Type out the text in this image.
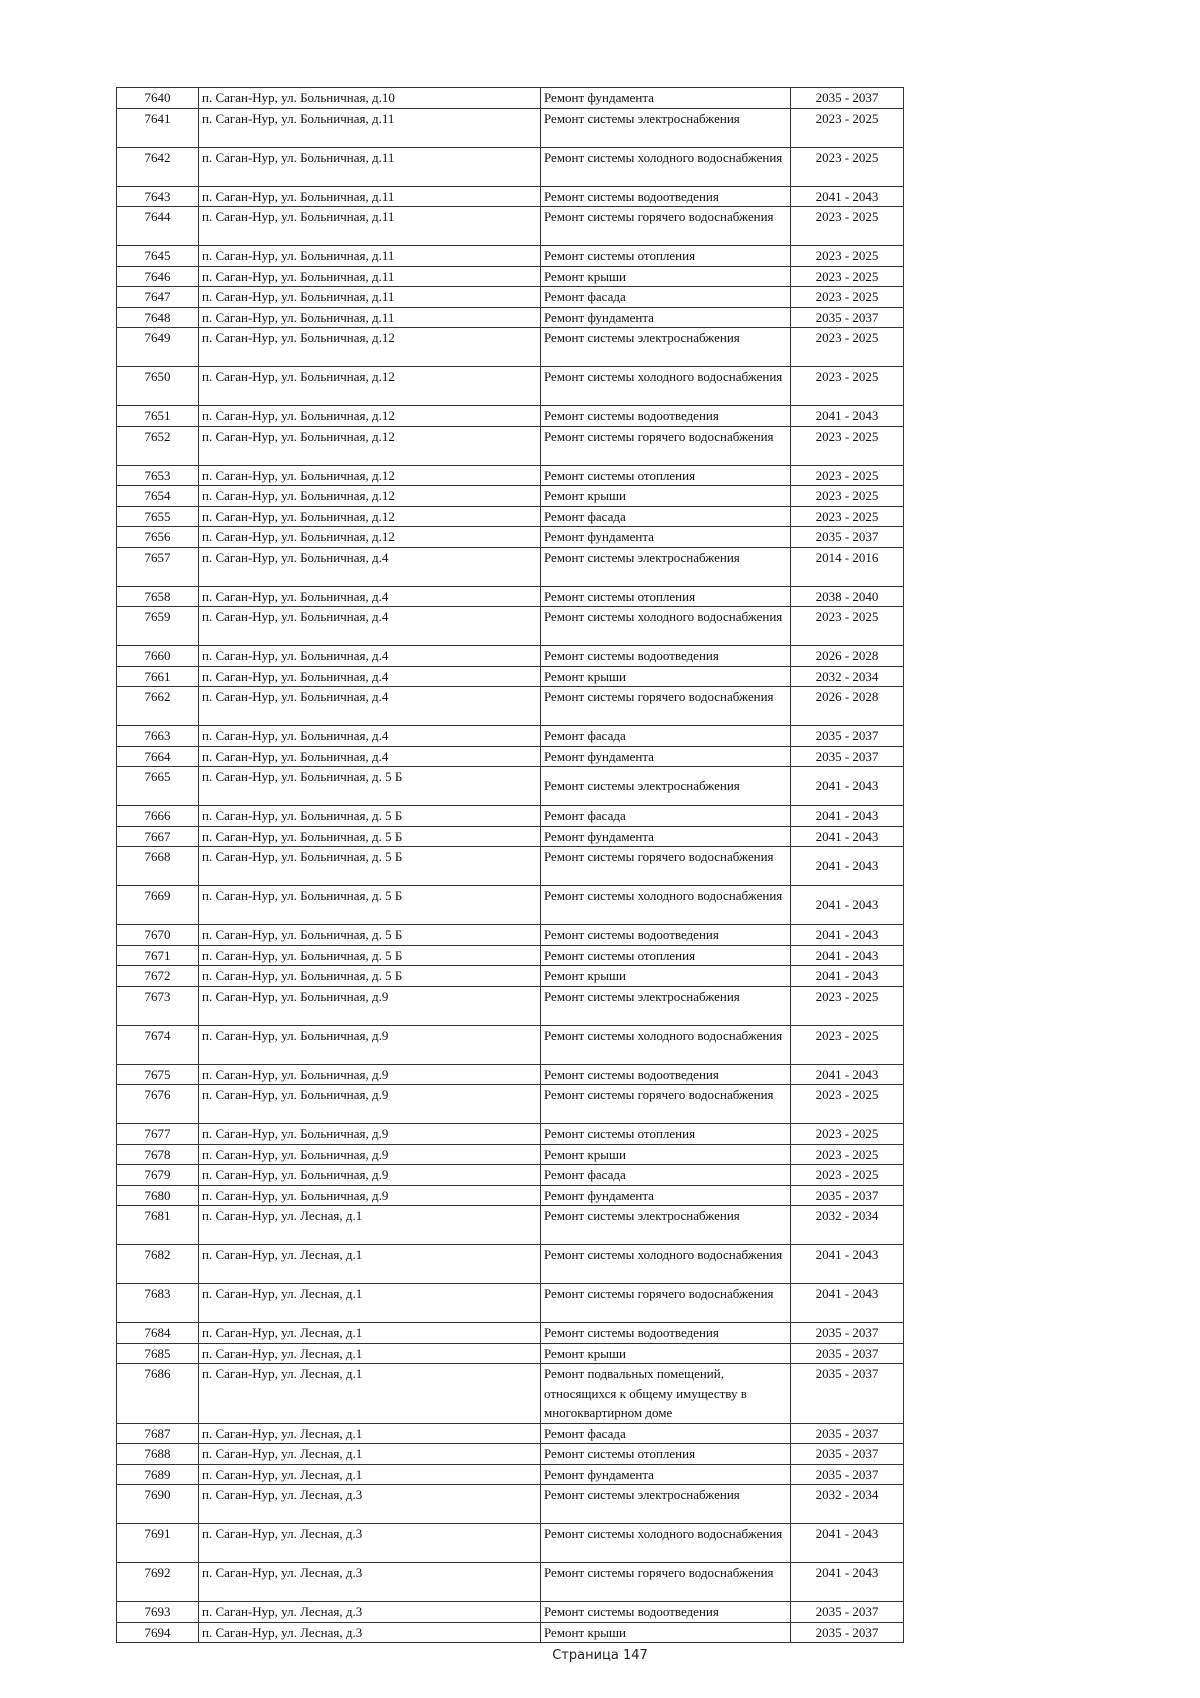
7640	п. Саган-Нур, ул. Больничная, д.10	Ремонт фундамента	2035 - 2037
7641	п. Саган-Нур, ул. Больничная, д.11	Ремонт системы электроснабжения	2023 - 2025
7642	п. Саган-Нур, ул. Больничная, д.11	Ремонт системы холодного водоснабжения	2023 - 2025
7643	п. Саган-Нур, ул. Больничная, д.11	Ремонт системы водоотведения	2041 - 2043
7644	п. Саган-Нур, ул. Больничная, д.11	Ремонт системы горячего водоснабжения	2023 - 2025
7645	п. Саган-Нур, ул. Больничная, д.11	Ремонт системы отопления	2023 - 2025
7646	п. Саган-Нур, ул. Больничная, д.11	Ремонт крыши	2023 - 2025
7647	п. Саган-Нур, ул. Больничная, д.11	Ремонт фасада	2023 - 2025
7648	п. Саган-Нур, ул. Больничная, д.11	Ремонт фундамента	2035 - 2037
7649	п. Саган-Нур, ул. Больничная, д.12	Ремонт системы электроснабжения	2023 - 2025
7650	п. Саган-Нур, ул. Больничная, д.12	Ремонт системы холодного водоснабжения	2023 - 2025
7651	п. Саган-Нур, ул. Больничная, д.12	Ремонт системы водоотведения	2041 - 2043
7652	п. Саган-Нур, ул. Больничная, д.12	Ремонт системы горячего водоснабжения	2023 - 2025
7653	п. Саган-Нур, ул. Больничная, д.12	Ремонт системы отопления	2023 - 2025
7654	п. Саган-Нур, ул. Больничная, д.12	Ремонт крыши	2023 - 2025
7655	п. Саган-Нур, ул. Больничная, д.12	Ремонт фасада	2023 - 2025
7656	п. Саган-Нур, ул. Больничная, д.12	Ремонт фундамента	2035 - 2037
7657	п. Саган-Нур, ул. Больничная, д.4	Ремонт системы электроснабжения	2014 - 2016
7658	п. Саган-Нур, ул. Больничная, д.4	Ремонт системы отопления	2038 - 2040
7659	п. Саган-Нур, ул. Больничная, д.4	Ремонт системы холодного водоснабжения	2023 - 2025
7660	п. Саган-Нур, ул. Больничная, д.4	Ремонт системы водоотведения	2026 - 2028
7661	п. Саган-Нур, ул. Больничная, д.4	Ремонт крыши	2032 - 2034
7662	п. Саган-Нур, ул. Больничная, д.4	Ремонт системы горячего водоснабжения	2026 - 2028
7663	п. Саган-Нур, ул. Больничная, д.4	Ремонт фасада	2035 - 2037
7664	п. Саган-Нур, ул. Больничная, д.4	Ремонт фундамента	2035 - 2037
7665	п. Саган-Нур, ул. Больничная, д. 5 Б	Ремонт системы электроснабжения	2041 - 2043
7666	п. Саган-Нур, ул. Больничная, д. 5 Б	Ремонт фасада	2041 - 2043
7667	п. Саган-Нур, ул. Больничная, д. 5 Б	Ремонт фундамента	2041 - 2043
7668	п. Саган-Нур, ул. Больничная, д. 5 Б	Ремонт системы горячего водоснабжения	2041 - 2043
7669	п. Саган-Нур, ул. Больничная, д. 5 Б	Ремонт системы холодного водоснабжения	2041 - 2043
7670	п. Саган-Нур, ул. Больничная, д. 5 Б	Ремонт системы водоотведения	2041 - 2043
7671	п. Саган-Нур, ул. Больничная, д. 5 Б	Ремонт системы отопления	2041 - 2043
7672	п. Саган-Нур, ул. Больничная, д. 5 Б	Ремонт крыши	2041 - 2043
7673	п. Саган-Нур, ул. Больничная, д.9	Ремонт системы электроснабжения	2023 - 2025
7674	п. Саган-Нур, ул. Больничная, д.9	Ремонт системы холодного водоснабжения	2023 - 2025
7675	п. Саган-Нур, ул. Больничная, д.9	Ремонт системы водоотведения	2041 - 2043
7676	п. Саган-Нур, ул. Больничная, д.9	Ремонт системы горячего водоснабжения	2023 - 2025
7677	п. Саган-Нур, ул. Больничная, д.9	Ремонт системы отопления	2023 - 2025
7678	п. Саган-Нур, ул. Больничная, д.9	Ремонт крыши	2023 - 2025
7679	п. Саган-Нур, ул. Больничная, д.9	Ремонт фасада	2023 - 2025
7680	п. Саган-Нур, ул. Больничная, д.9	Ремонт фундамента	2035 - 2037
7681	п. Саган-Нур, ул. Лесная, д.1	Ремонт системы электроснабжения	2032 - 2034
7682	п. Саган-Нур, ул. Лесная, д.1	Ремонт системы холодного водоснабжения	2041 - 2043
7683	п. Саган-Нур, ул. Лесная, д.1	Ремонт системы горячего водоснабжения	2041 - 2043
7684	п. Саган-Нур, ул. Лесная, д.1	Ремонт системы водоотведения	2035 - 2037
7685	п. Саган-Нур, ул. Лесная, д.1	Ремонт крыши	2035 - 2037
7686	п. Саган-Нур, ул. Лесная, д.1	Ремонт подвальных помещений, относящихся к общему имуществу в многоквартирном доме	2035 - 2037
7687	п. Саган-Нур, ул. Лесная, д.1	Ремонт фасада	2035 - 2037
7688	п. Саган-Нур, ул. Лесная, д.1	Ремонт системы отопления	2035 - 2037
7689	п. Саган-Нур, ул. Лесная, д.1	Ремонт фундамента	2035 - 2037
7690	п. Саган-Нур, ул. Лесная, д.3	Ремонт системы электроснабжения	2032 - 2034
7691	п. Саган-Нур, ул. Лесная, д.3	Ремонт системы холодного водоснабжения	2041 - 2043
7692	п. Саган-Нур, ул. Лесная, д.3	Ремонт системы горячего водоснабжения	2041 - 2043
7693	п. Саган-Нур, ул. Лесная, д.3	Ремонт системы водоотведения	2035 - 2037
7694	п. Саган-Нур, ул. Лесная, д.3	Ремонт крыши	2035 - 2037
Страница 147
